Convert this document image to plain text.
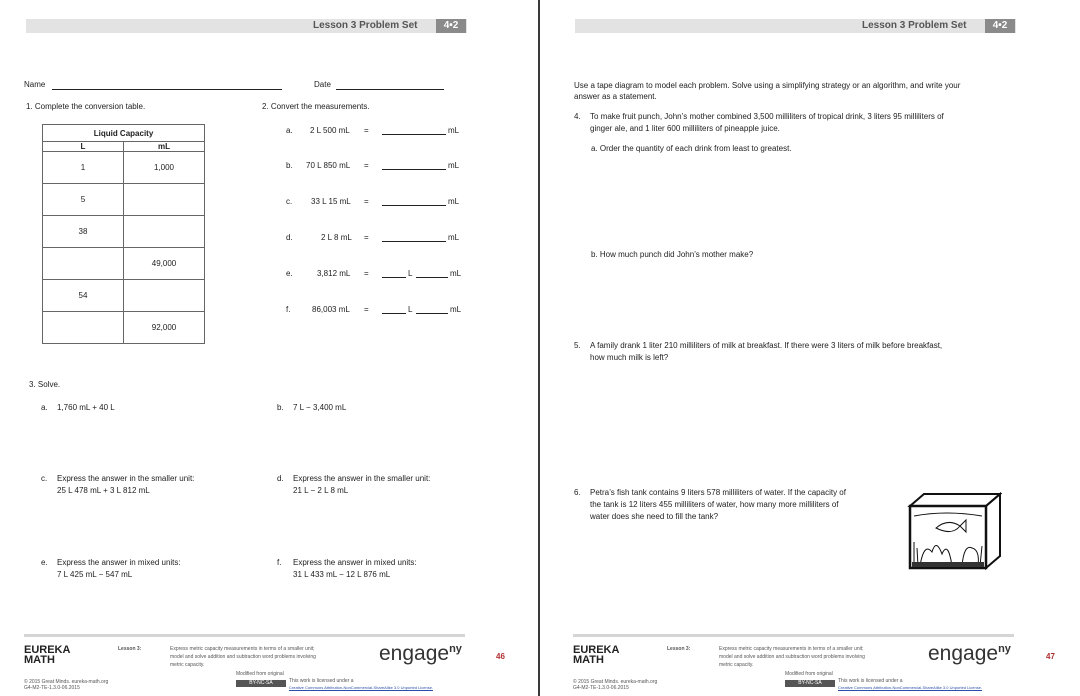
Lesson 3 Problem Set	4•2	Lesson 3 Problem Set	4•2
Name	Date
1. Complete the conversion table.	2. Convert the measurements.
Liquid Capacity	
L	mL
1	1,000
5	
38	
	49,000
54	
	92,000
a. 2 L 500 mL =	mL
b. 70 L 850 mL =	mL
c. 33 L 15 mL =	mL
d.	2 L 8 mL =	mL
e.	3,812 mL =	L	mL
f.	86,003 mL =	L	mL
3. Solve.
a. 1,760 mL + 40 L	b. 7 L − 3,400 mL
c. Express the answer in the smaller unit:
25 L 478 mL + 3 L 812 mL
d. Express the answer in the smaller unit:
21 L − 2 L 8 mL
e. Express the answer in mixed units:
7 L 425 mL − 547 mL
f. Express the answer in mixed units:
31 L 433 mL − 12 L 876 mL
Use a tape diagram to model each problem. Solve using a simplifying strategy or an algorithm, and write your
answer as a statement.
4. To make fruit punch, John’s mother combined 3,500 milliliters of tropical drink, 3 liters 95 milliliters of
ginger ale, and 1 liter 600 milliliters of pineapple juice.
a. Order the quantity of each drink from least to greatest.
b. How much punch did John’s mother make?
5. A family drank 1 liter 210 milliliters of milk at breakfast. If there were 3 liters of milk before breakfast,
how much milk is left?
6. Petra’s fish tank contains 9 liters 578 milliliters of water. If the capacity of
the tank is 12 liters 455 milliliters of water, how many more milliliters of
water does she need to fill the tank?
EUREKA
MATH
Lesson 3:	Express metric capacity measurements in terms of a smaller unit;
model and solve addition and subtraction word problems involving
metric capacity.
Modified from original
engage$^{ny}$
46
© 2015 Great Minds. eureka-math.org
G4-M2-TE-1.3.0-06.2015
BY-NC-SA	This work is licensed under a
Creative Commons Attribution-NonCommercial-ShareAlike 3.0 Unported License.
EUREKA
MATH
Lesson 3:	Express metric capacity measurements in terms of a smaller unit;
model and solve addition and subtraction word problems involving
metric capacity.
Modified from original
engage$^{ny}$
47
© 2015 Great Minds. eureka-math.org
G4-M2-TE-1.3.0-06.2015
BY-NC-SA	This work is licensed under a
Creative Commons Attribution-NonCommercial-ShareAlike 3.0 Unported License.
